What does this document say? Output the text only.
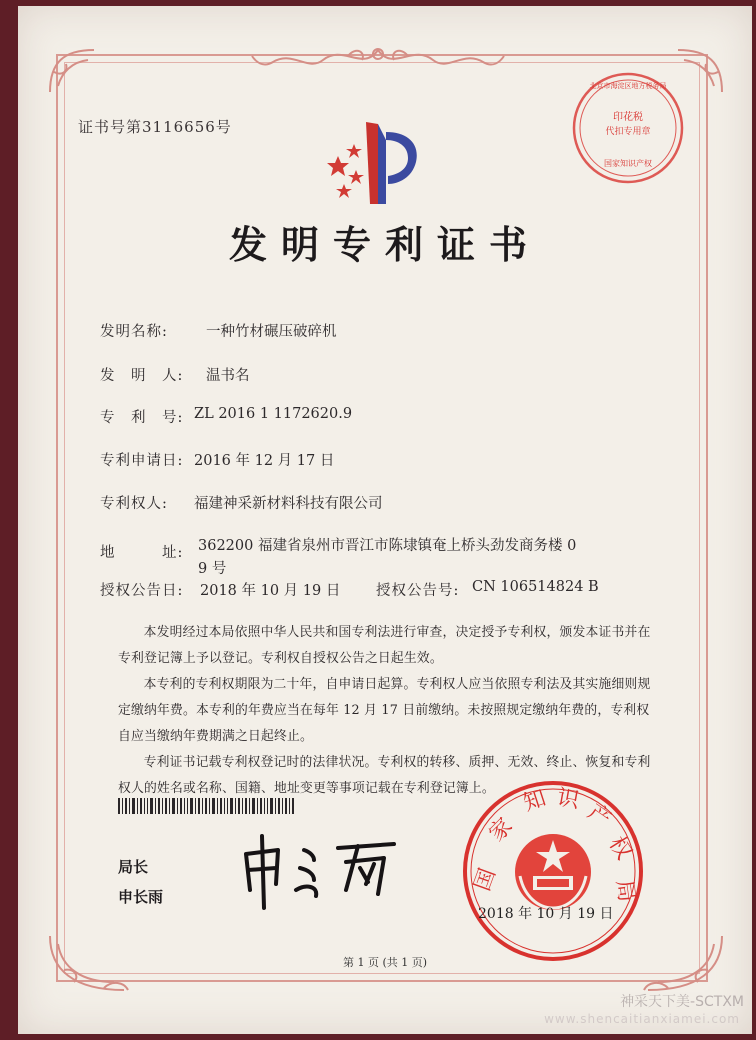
证书号第3116656号
印花税
代扣专用章
国家知识产权
北京市海淀区地方税务局
发明专利证书
发明名称:	一种竹材碾压破碎机
发　明　人: 温书名
专　利　号: ZL 2016 1 1172620.9
专利申请日: 2016 年 12 月 17 日
专利权人: 福建神采新材料科技有限公司
地　　　址: 362200 福建省泉州市晋江市陈埭镇奄上桥头劲发商务楼 0
9 号
授权公告日: 2018 年 10 月 19 日 授权公告号: CN 106514824 B

本发明经过本局依照中华人民共和国专利法进行审查，决定授予专利权，颁发本证书并在专利登记簿上予以登记。专利权自授权公告之日起生效。

本专利的专利权期限为二十年，自申请日起算。专利权人应当依照专利法及其实施细则规定缴纳年费。本专利的年费应当在每年 12 月 17 日前缴纳。未按照规定缴纳年费的，专利权自应当缴纳年费期满之日起终止。

专利证书记载专利权登记时的法律状况。专利权的转移、质押、无效、终止、恢复和专利权人的姓名或名称、国籍、地址变更等事项记载在专利登记簿上。

局长
申长雨
国
家
知 识
产
权
局
2018 年 10 月 19 日
第 1 页 (共 1 页)
神采天下美-SCTXM
www.shencaitianxiamei.com
